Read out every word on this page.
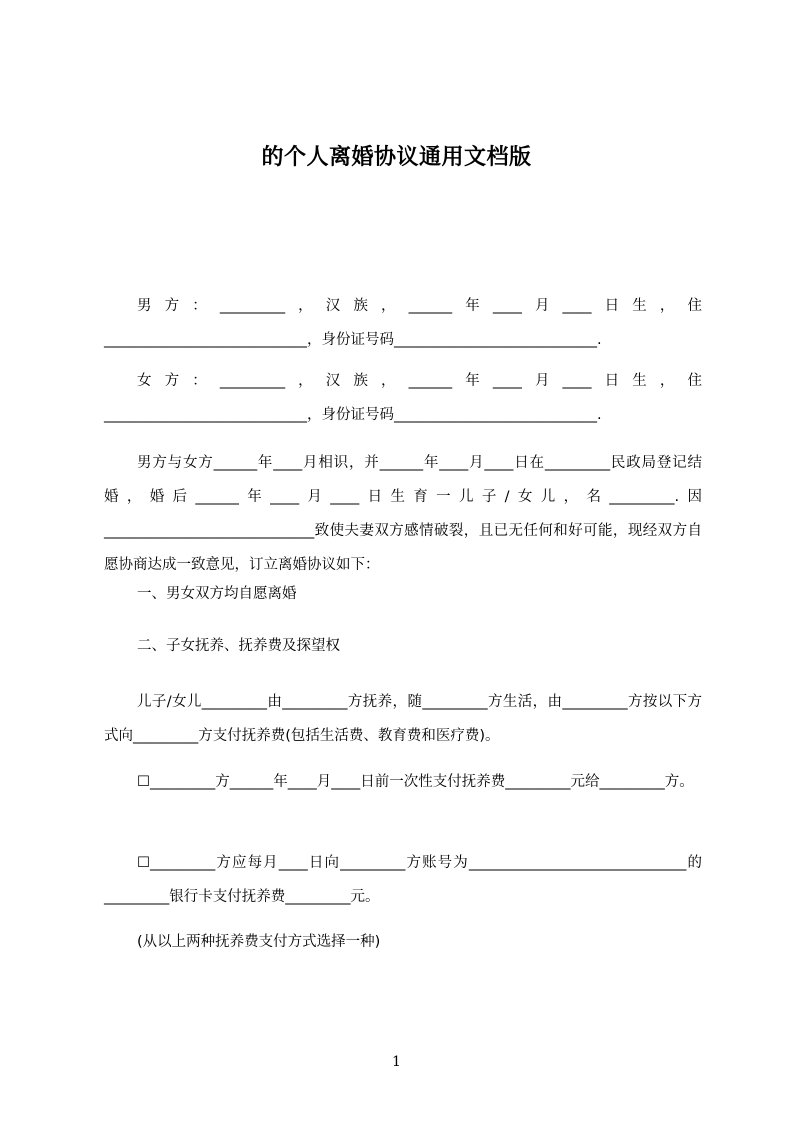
的个人离婚协议通用文档版
男方：_________，汉族，______年____月____日生，住____________________________，身份证号码____________________________.
女方：_________，汉族，______年____月____日生，住____________________________，身份证号码____________________________.
男方与女方______年____月相识，并______年____月____日在_________民政局登记结婚，婚后______年____月____日生育一儿子/女儿，名_________.因_____________________________致使夫妻双方感情破裂，且已无任何和好可能，现经双方自愿协商达成一致意见，订立离婚协议如下：
一、男女双方均自愿离婚
二、子女抚养、抚养费及探望权
儿子/女儿_________由_________方抚养，随_________方生活，由_________方按以下方式向_________方支付抚养费(包括生活费、教育费和医疗费)。
☐_________方______年____月____日前一次性支付抚养费_________元给_________方。
☐_________方应每月____日向_________方账号为______________________________的_________银行卡支付抚养费_________元。
(从以上两种抚养费支付方式选择一种)
1
